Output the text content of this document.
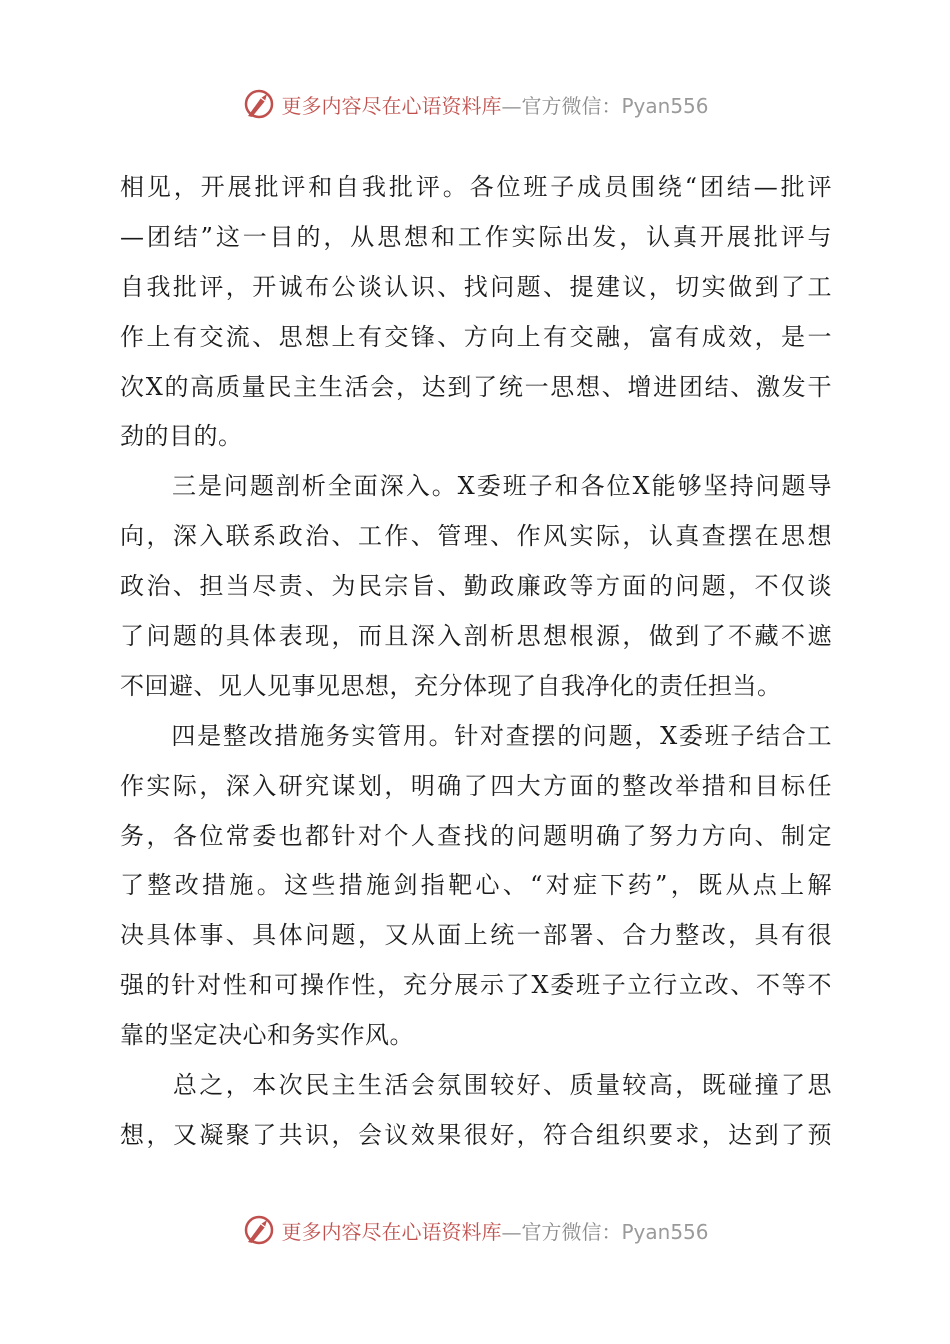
更多内容尽在心语资料库—官方微信：Pyan556
相见，开展批评和自我批评。各位班子成员围绕“团结—批评
—团结”这一目的，从思想和工作实际出发，认真开展批评与
自我批评，开诚布公谈认识、找问题、提建议，切实做到了工
作上有交流、思想上有交锋、方向上有交融，富有成效，是一
次X的高质量民主生活会，达到了统一思想、增进团结、激发干
劲的目的。
　　三是问题剖析全面深入。X委班子和各位X能够坚持问题导
向，深入联系政治、工作、管理、作风实际，认真查摆在思想
政治、担当尽责、为民宗旨、勤政廉政等方面的问题，不仅谈
了问题的具体表现，而且深入剖析思想根源，做到了不藏不遮
不回避、见人见事见思想，充分体现了自我净化的责任担当。
　　四是整改措施务实管用。针对查摆的问题，X委班子结合工
作实际，深入研究谋划，明确了四大方面的整改举措和目标任
务，各位常委也都针对个人查找的问题明确了努力方向、制定
了整改措施。这些措施剑指靶心、“对症下药”，既从点上解
决具体事、具体问题，又从面上统一部署、合力整改，具有很
强的针对性和可操作性，充分展示了X委班子立行立改、不等不
靠的坚定决心和务实作风。
　　总之，本次民主生活会氛围较好、质量较高，既碰撞了思
想，又凝聚了共识，会议效果很好，符合组织要求，达到了预
更多内容尽在心语资料库—官方微信：Pyan556
